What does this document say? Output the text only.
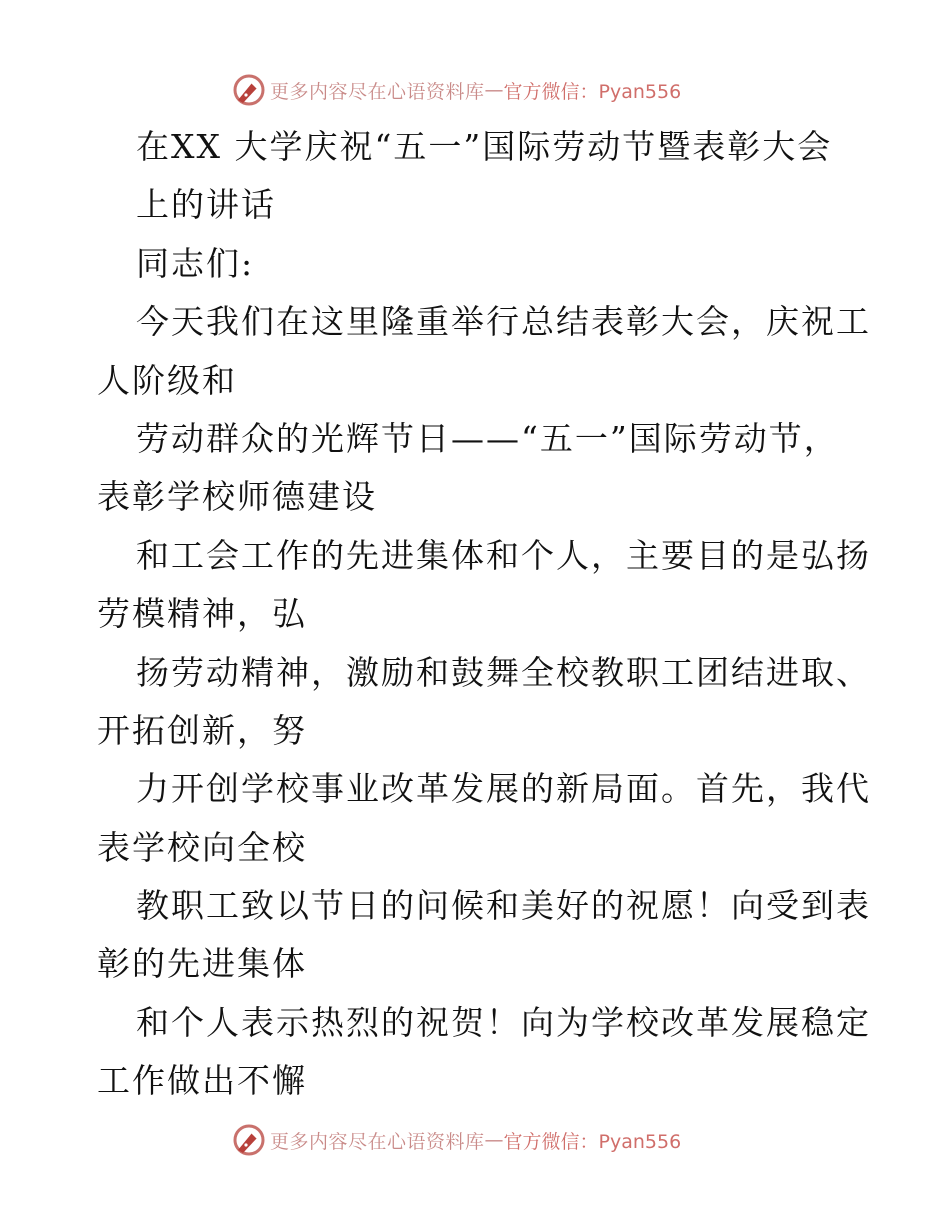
更多内容尽在心语资料库 — 官方微信：Pyan556
在XX 大学庆祝“五一”国际劳动节暨表彰大会
上的讲话
同志们:
今天我们在这里隆重举行总结表彰大会，庆祝工
人阶级和
劳动群众的光辉节日——“五一”国际劳动节，
表彰学校师德建设
和工会工作的先进集体和个人，主要目的是弘扬
劳模精神，弘
扬劳动精神，激励和鼓舞全校教职工团结进取、
开拓创新，努
力开创学校事业改革发展的新局面。首先，我代
表学校向全校
教职工致以节日的问候和美好的祝愿！向受到表
彰的先进集体
和个人表示热烈的祝贺！向为学校改革发展稳定
工作做出不懈
更多内容尽在心语资料库 — 官方微信：Pyan556
